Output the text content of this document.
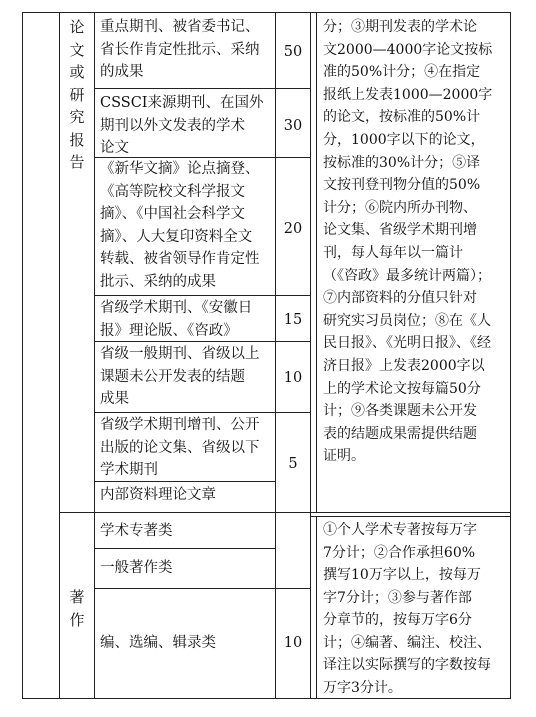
论
文
或
研
究
报
告
重点期刊、被省委书记、
省长作肯定性批示、采纳
的成果
50
CSSCI来源期刊、在国外
期刊以外文发表的学术
论文
30
《新华文摘》论点摘登、
《高等院校文科学报文
摘》、《中国社会科学文
摘》、人大复印资料全文
转载、被省领导作肯定性
批示、采纳的成果
20
省级学术期刊、《安徽日
报》理论版、《咨政》
15
省级一般期刊、省级以上
课题未公开发表的结题
成果
10
省级学术期刊增刊、公开
出版的论文集、省级以下
学术期刊	5
内部资料理论文章
分；③期刊发表的学术论
文2000—4000字论文按标
准的50%计分；④在指定
报纸上发表1000—2000字
的论文，按标准的50%计
分，1000字以下的论文，
按标准的30%计分；⑤译
文按刊登刊物分值的50%
计分；⑥院内所办刊物、
论文集、省级学术期刊增
刊，每人每年以一篇计
（《咨政》最多统计两篇）；
⑦内部资料的分值只针对
研究实习员岗位；⑧在《人
民日报》、《光明日报》、《经
济日报》上发表2000字以
上的学术论文按每篇50分
计；⑨各类课题未公开发
表的结题成果需提供结题
证明。
著
作
学术专著类
一般著作类
编、选编、辑录类	10
①个人学术专著按每万字
7分计；②合作承担60%
撰写10万字以上，按每万
字7分计；③参与著作部
分章节的，按每万字6分
计；④编著、编注、校注、
译注以实际撰写的字数按每
万字3分计。
